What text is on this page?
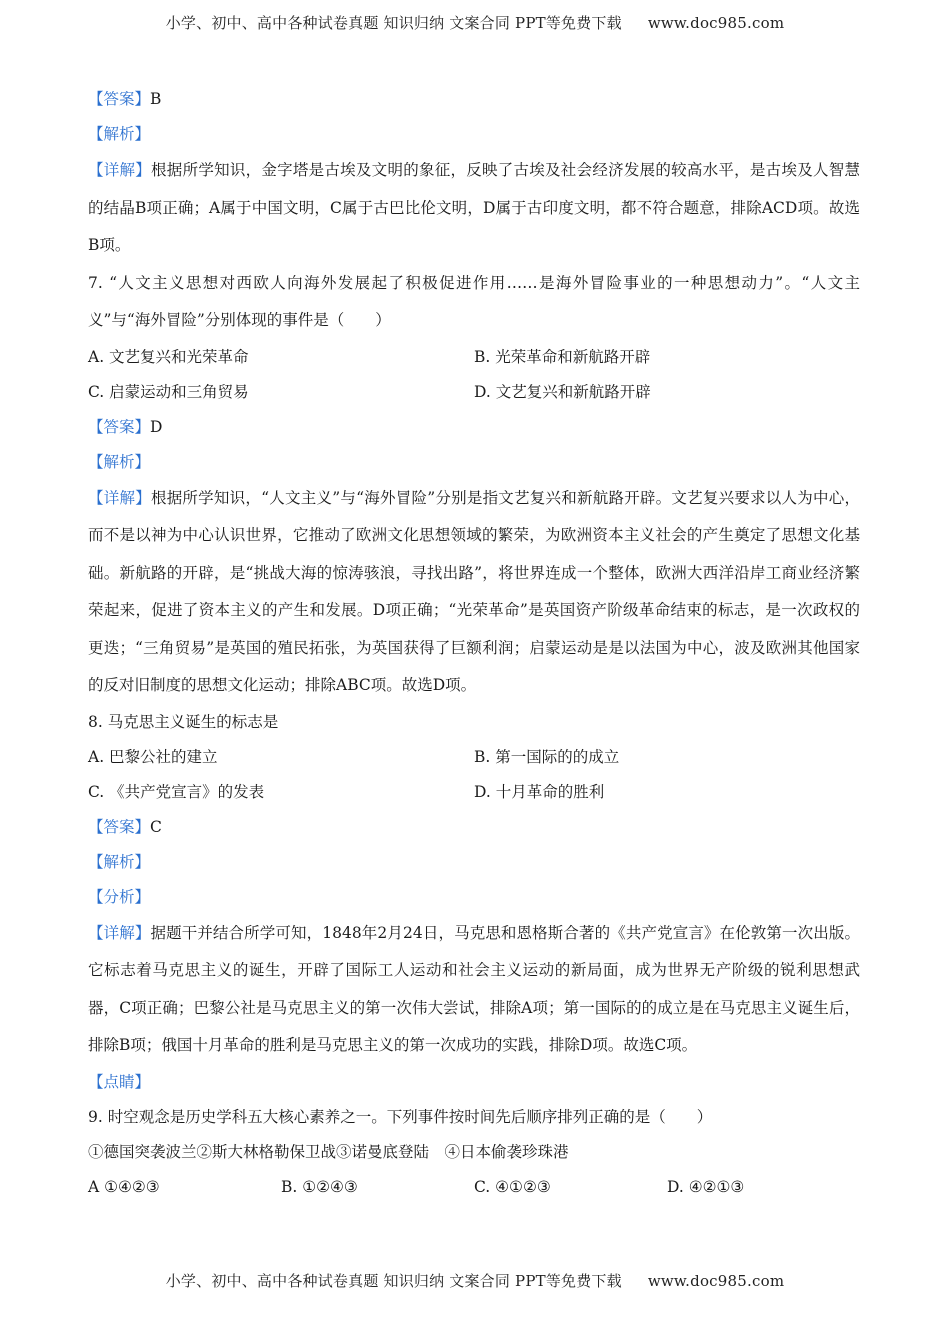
小学、初中、高中各种试卷真题 知识归纳 文案合同 PPT等免费下载 www.doc985.com
【答案】B
【解析】
【详解】根据所学知识，金字塔是古埃及文明的象征，反映了古埃及社会经济发展的较高水平，是古埃及人智慧的结晶B项正确；A属于中国文明，C属于古巴比伦文明，D属于古印度文明，都不符合题意，排除ACD项。故选B项。
7. “人文主义思想对西欧人向海外发展起了积极促进作用……是海外冒险事业的一种思想动力”。“人文主义”与“海外冒险”分别体现的事件是（　　）
A. 文艺复兴和光荣革命	B. 光荣革命和新航路开辟
C. 启蒙运动和三角贸易	D. 文艺复兴和新航路开辟
【答案】D
【解析】
【详解】根据所学知识，“人文主义”与“海外冒险”分别是指文艺复兴和新航路开辟。文艺复兴要求以人为中心，而不是以神为中心认识世界，它推动了欧洲文化思想领域的繁荣，为欧洲资本主义社会的产生奠定了思想文化基础。新航路的开辟，是“挑战大海的惊涛骇浪，寻找出路”，将世界连成一个整体，欧洲大西洋沿岸工商业经济繁荣起来，促进了资本主义的产生和发展。D项正确；“光荣革命”是英国资产阶级革命结束的标志，是一次政权的更迭；“三角贸易”是英国的殖民拓张，为英国获得了巨额利润；启蒙运动是是以法国为中心，波及欧洲其他国家的反对旧制度的思想文化运动；排除ABC项。故选D项。
8. 马克思主义诞生的标志是
A. 巴黎公社的建立	B. 第一国际的的成立
C. 《共产党宣言》的发表	D. 十月革命的胜利
【答案】C
【解析】
【分析】
【详解】据题干并结合所学可知，1848年2月24日，马克思和恩格斯合著的《共产党宣言》在伦敦第一次出版。它标志着马克思主义的诞生，开辟了国际工人运动和社会主义运动的新局面，成为世界无产阶级的锐利思想武器，C项正确；巴黎公社是马克思主义的第一次伟大尝试，排除A项；第一国际的的成立是在马克思主义诞生后，排除B项；俄国十月革命的胜利是马克思主义的第一次成功的实践，排除D项。故选C项。
【点睛】
9. 时空观念是历史学科五大核心素养之一。下列事件按时间先后顺序排列正确的是（　　）
①德国突袭波兰②斯大林格勒保卫战③诺曼底登陆　④日本偷袭珍珠港
A ①④②③	B. ①②④③	C. ④①②③	D. ④②①③
小学、初中、高中各种试卷真题 知识归纳 文案合同 PPT等免费下载 www.doc985.com
